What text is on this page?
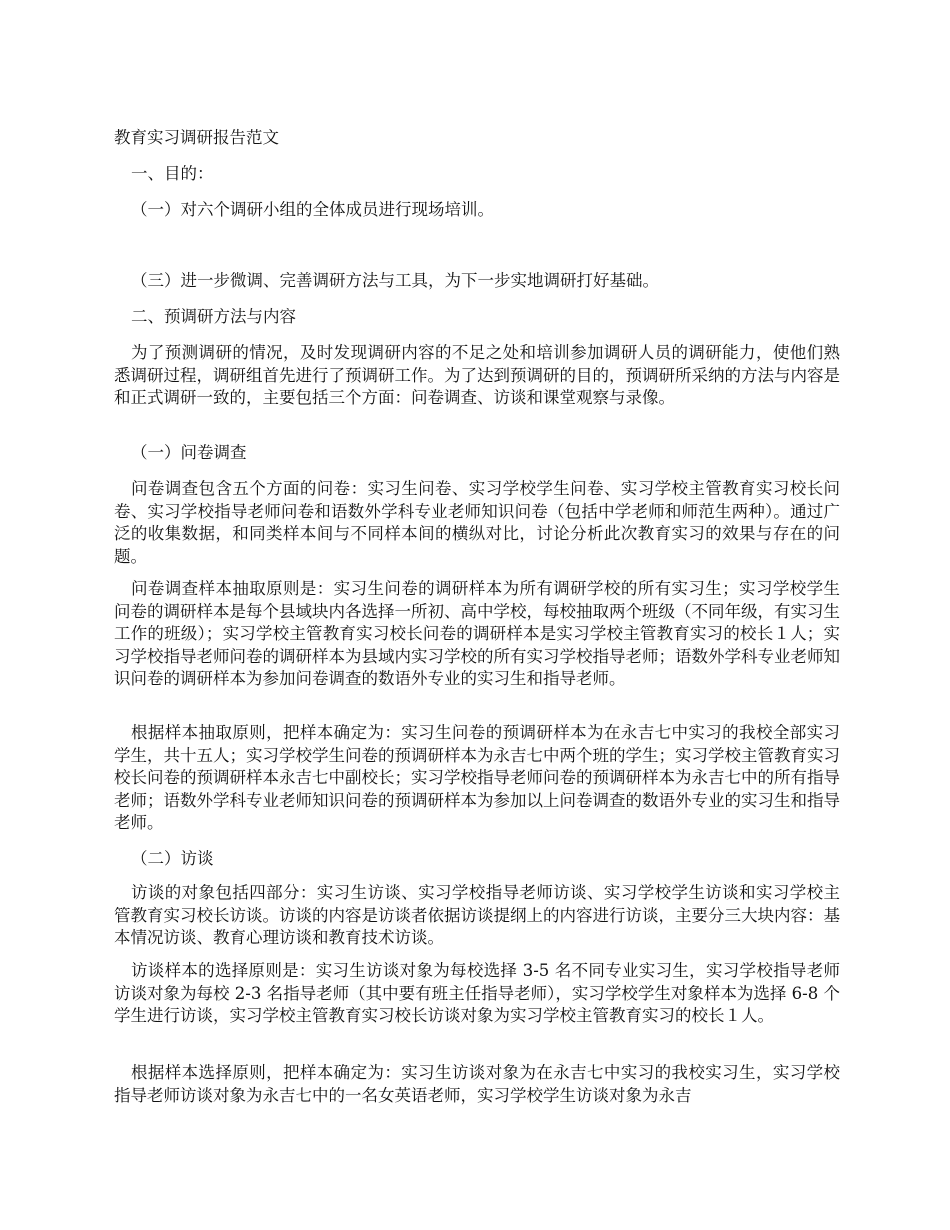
教育实习调研报告范文

一、目的：

（一）对六个调研小组的全体成员进行现场培训。

（三）进一步微调、完善调研方法与工具，为下一步实地调研打好基础。

二、预调研方法与内容

为了预测调研的情况，及时发现调研内容的不足之处和培训参加调研人员的调研能力，使他们熟悉调研过程，调研组首先进行了预调研工作。为了达到预调研的目的，预调研所采纳的方法与内容是和正式调研一致的，主要包括三个方面：问卷调查、访谈和课堂观察与录像。

（一）问卷调查

问卷调查包含五个方面的问卷：实习生问卷、实习学校学生问卷、实习学校主管教育实习校长问卷、实习学校指导老师问卷和语数外学科专业老师知识问卷（包括中学老师和师范生两种）。通过广泛的收集数据，和同类样本间与不同样本间的横纵对比，讨论分析此次教育实习的效果与存在的问题。

问卷调查样本抽取原则是：实习生问卷的调研样本为所有调研学校的所有实习生；实习学校学生问卷的调研样本是每个县域块内各选择一所初、高中学校，每校抽取两个班级（不同年级，有实习生工作的班级）；实习学校主管教育实习校长问卷的调研样本是实习学校主管教育实习的校长１人；实习学校指导老师问卷的调研样本为县域内实习学校的所有实习学校指导老师；语数外学科专业老师知识问卷的调研样本为参加问卷调查的数语外专业的实习生和指导老师。

根据样本抽取原则，把样本确定为：实习生问卷的预调研样本为在永吉七中实习的我校全部实习学生，共十五人；实习学校学生问卷的预调研样本为永吉七中两个班的学生；实习学校主管教育实习校长问卷的预调研样本永吉七中副校长；实习学校指导老师问卷的预调研样本为永吉七中的所有指导老师；语数外学科专业老师知识问卷的预调研样本为参加以上问卷调查的数语外专业的实习生和指导老师。

（二）访谈

访谈的对象包括四部分：实习生访谈、实习学校指导老师访谈、实习学校学生访谈和实习学校主管教育实习校长访谈。访谈的内容是访谈者依据访谈提纲上的内容进行访谈，主要分三大块内容：基本情况访谈、教育心理访谈和教育技术访谈。

访谈样本的选择原则是：实习生访谈对象为每校选择 3-5 名不同专业实习生，实习学校指导老师访谈对象为每校 2-3 名指导老师（其中要有班主任指导老师），实习学校学生对象样本为选择 6-8 个学生进行访谈，实习学校主管教育实习校长访谈对象为实习学校主管教育实习的校长１人。

根据样本选择原则，把样本确定为：实习生访谈对象为在永吉七中实习的我校实习生，实习学校指导老师访谈对象为永吉七中的一名女英语老师，实习学校学生访谈对象为永吉
